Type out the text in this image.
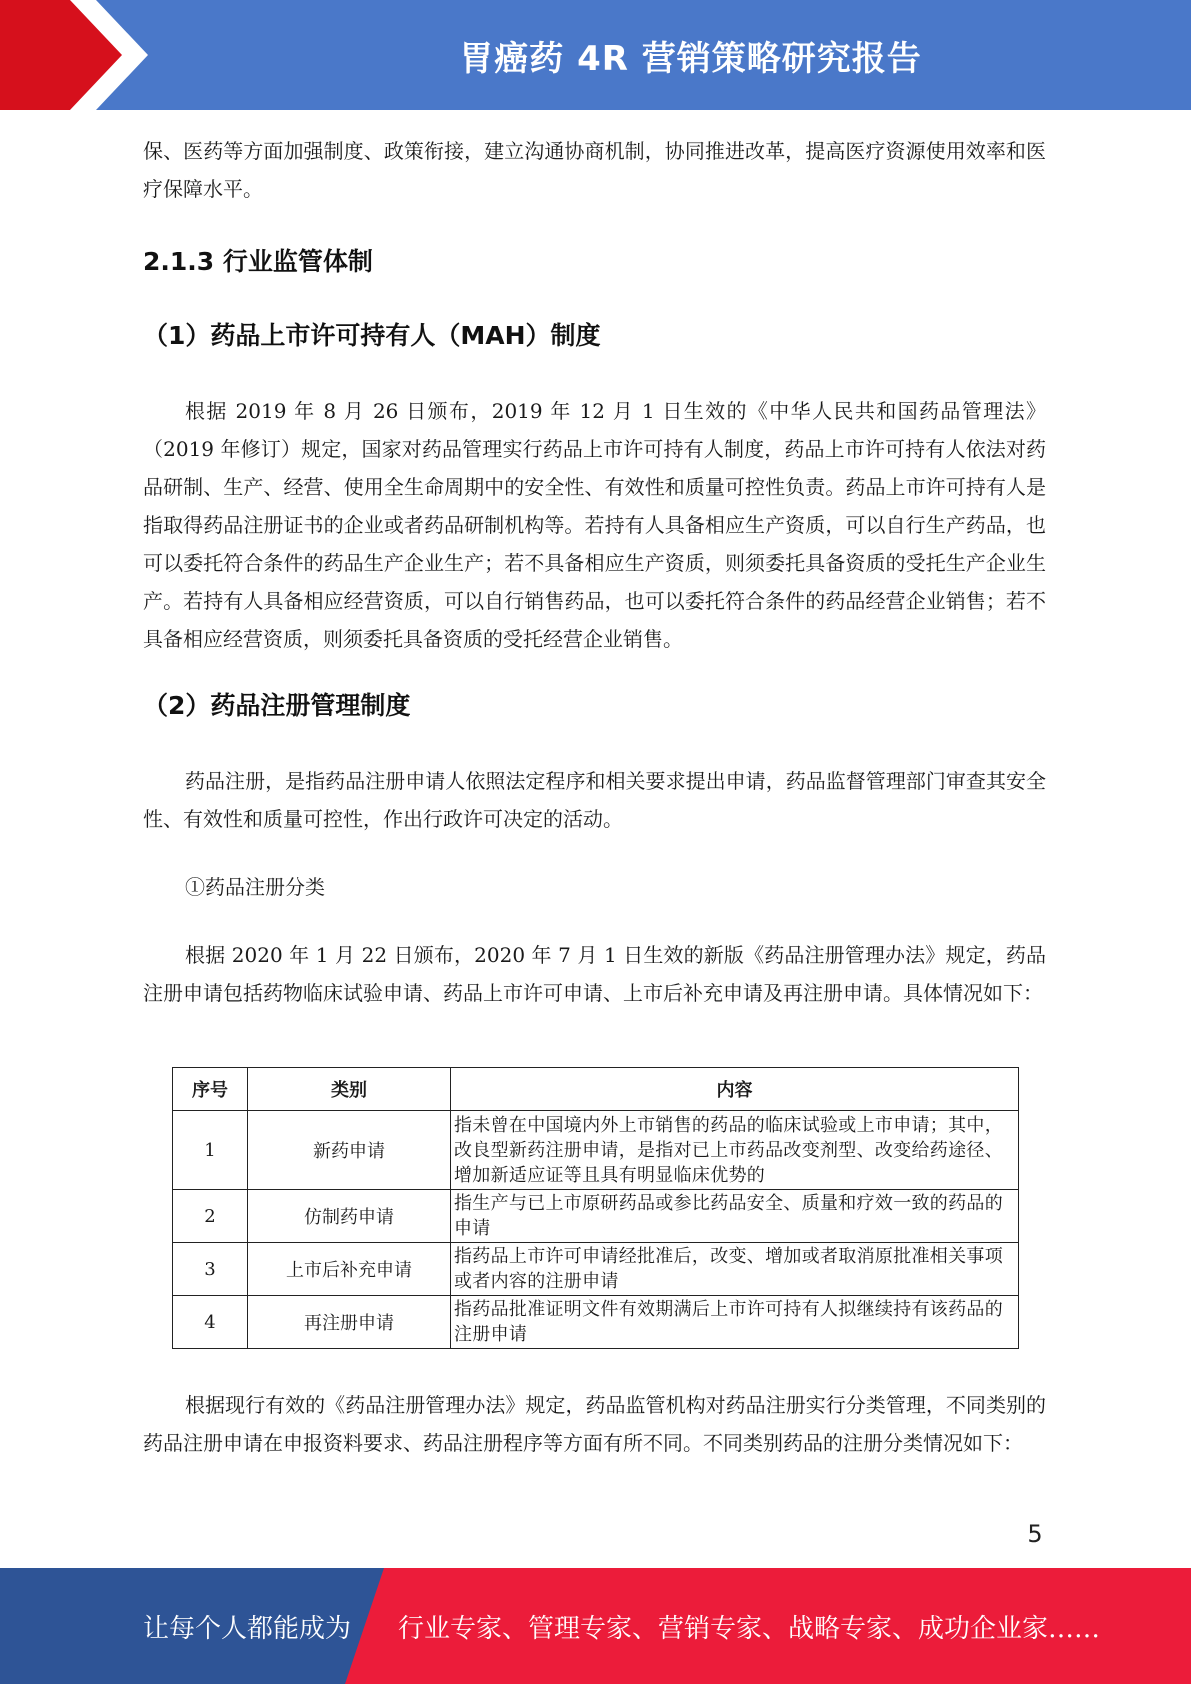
胃癌药 4R 营销策略研究报告

保、医药等方面加强制度、政策衔接，建立沟通协商机制，协同推进改革，提高医疗资源使用效率和医疗保障水平。

2.1.3 行业监管体制
（1）药品上市许可持有人（MAH）制度

根据 2019 年 8 月 26 日颁布，2019 年 12 月 1 日生效的《中华人民共和国药品管理法》（2019 年修订）规定，国家对药品管理实行药品上市许可持有人制度，药品上市许可持有人依法对药品研制、生产、经营、使用全生命周期中的安全性、有效性和质量可控性负责。药品上市许可持有人是指取得药品注册证书的企业或者药品研制机构等。若持有人具备相应生产资质，可以自行生产药品，也可以委托符合条件的药品生产企业生产；若不具备相应生产资质，则须委托具备资质的受托生产企业生产。若持有人具备相应经营资质，可以自行销售药品，也可以委托符合条件的药品经营企业销售；若不具备相应经营资质，则须委托具备资质的受托经营企业销售。

（2）药品注册管理制度

药品注册，是指药品注册申请人依照法定程序和相关要求提出申请，药品监督管理部门审查其安全性、有效性和质量可控性，作出行政许可决定的活动。

①药品注册分类

根据 2020 年 1 月 22 日颁布，2020 年 7 月 1 日生效的新版《药品注册管理办法》规定，药品注册申请包括药物临床试验申请、药品上市许可申请、上市后补充申请及再注册申请。具体情况如下：

序号	类别	内容
1	新药申请	指未曾在中国境内外上市销售的药品的临床试验或上市申请；其中，改良型新药注册申请，是指对已上市药品改变剂型、改变给药途径、增加新适应证等且具有明显临床优势的
2	仿制药申请	指生产与已上市原研药品或参比药品安全、质量和疗效一致的药品的申请
3	上市后补充申请	指药品上市许可申请经批准后，改变、增加或者取消原批准相关事项或者内容的注册申请
4	再注册申请	指药品批准证明文件有效期满后上市许可持有人拟继续持有该药品的注册申请

根据现行有效的《药品注册管理办法》规定，药品监管机构对药品注册实行分类管理，不同类别的药品注册申请在申报资料要求、药品注册程序等方面有所不同。不同类别药品的注册分类情况如下：

5
让每个人都能成为 行业专家、管理专家、营销专家、战略专家、成功企业家……
